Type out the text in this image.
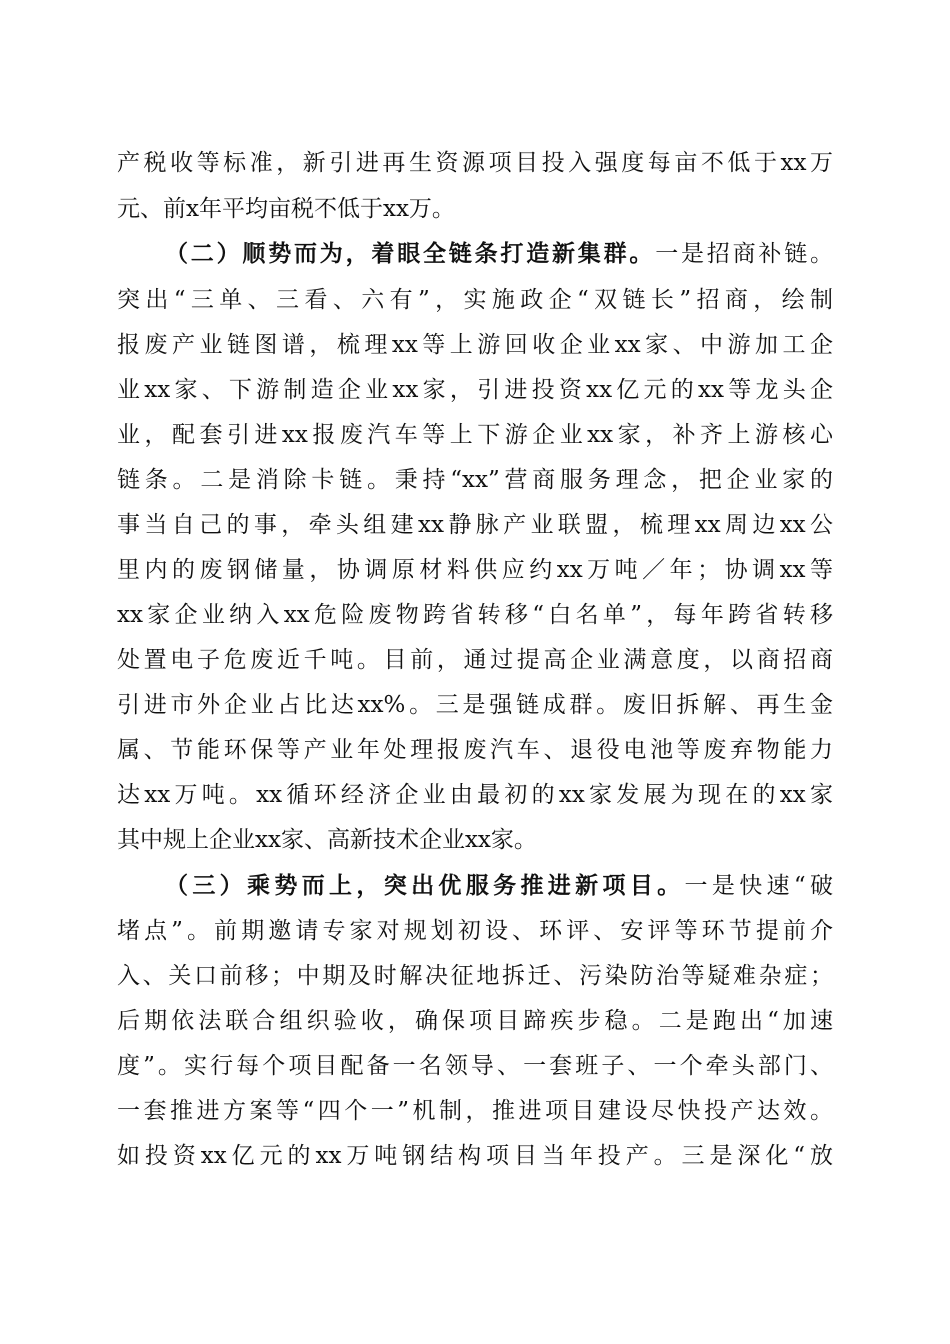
产税收等标准，新引进再生资源项目投入强度每亩不低于xx万
元、前x年平均亩税不低于xx万。
（二）顺势而为，着眼全链条打造新集群。一是招商补链。
突出“三单、三看、六有”，实施政企“双链长”招商，绘制
报废产业链图谱，梳理xx等上游回收企业xx家、中游加工企
业xx家、下游制造企业xx家，引进投资xx亿元的xx等龙头企
业，配套引进xx报废汽车等上下游企业xx家，补齐上游核心
链条。二是消除卡链。秉持“xx”营商服务理念，把企业家的
事当自己的事，牵头组建xx静脉产业联盟，梳理xx周边xx公
里内的废钢储量，协调原材料供应约xx万吨／年；协调xx等
xx家企业纳入xx危险废物跨省转移“白名单”，每年跨省转移
处置电子危废近千吨。目前，通过提高企业满意度，以商招商
引进市外企业占比达xx%。三是强链成群。废旧拆解、再生金
属、节能环保等产业年处理报废汽车、退役电池等废弃物能力
达xx万吨。xx循环经济企业由最初的xx家发展为现在的xx家
其中规上企业xx家、高新技术企业xx家。
（三）乘势而上，突出优服务推进新项目。一是快速“破
堵点”。前期邀请专家对规划初设、环评、安评等环节提前介
入、关口前移；中期及时解决征地拆迁、污染防治等疑难杂症；
后期依法联合组织验收，确保项目蹄疾步稳。二是跑出“加速
度”。实行每个项目配备一名领导、一套班子、一个牵头部门、
一套推进方案等“四个一”机制，推进项目建设尽快投产达效。
如投资xx亿元的xx万吨钢结构项目当年投产。三是深化“放
